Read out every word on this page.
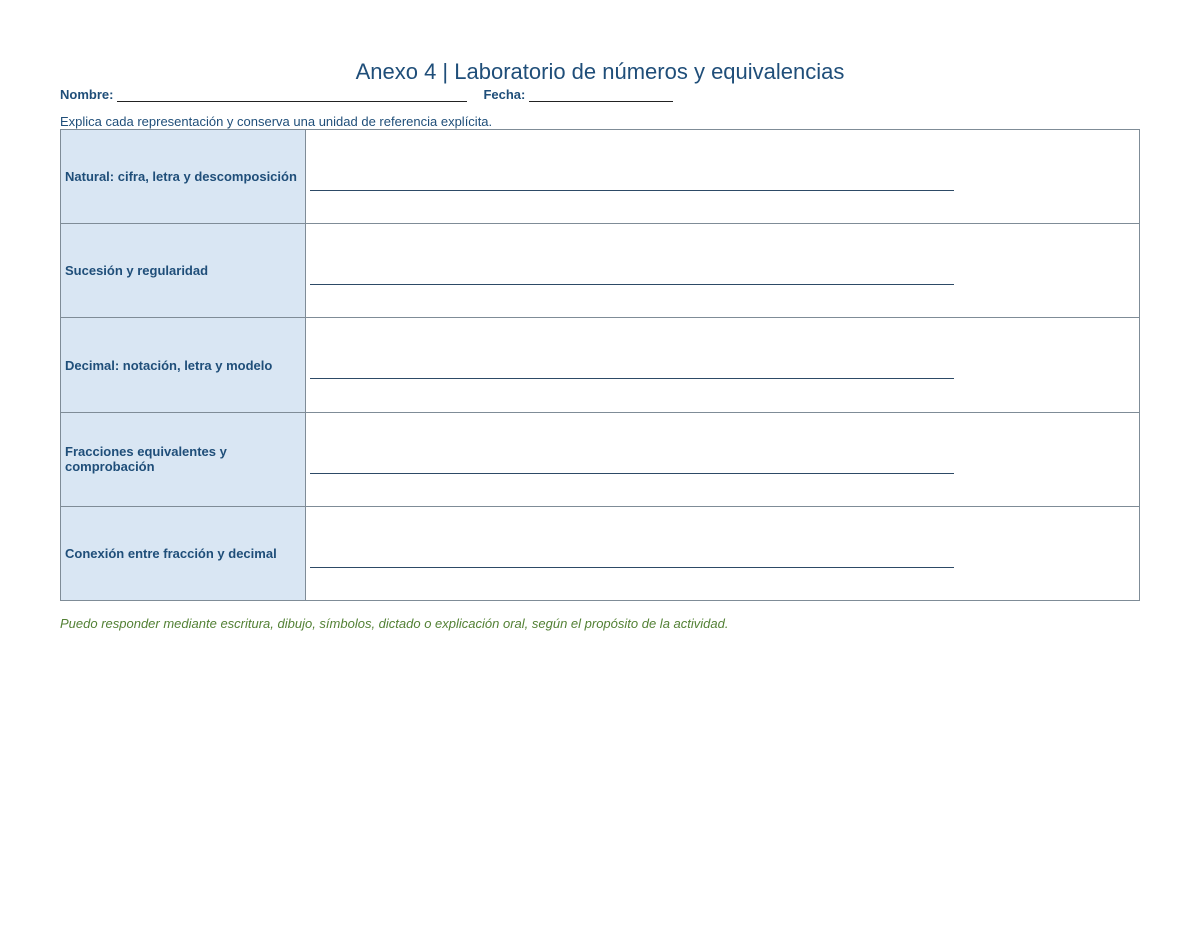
Anexo 4 | Laboratorio de números y equivalencias
Nombre:	Fecha:
Explica cada representación y conserva una unidad de referencia explícita.
Natural: cifra, letra y descomposición
Sucesión y regularidad
Decimal: notación, letra y modelo
Fracciones equivalentes y comprobación
Conexión entre fracción y decimal
Puedo responder mediante escritura, dibujo, símbolos, dictado o explicación oral, según el propósito de la actividad.
